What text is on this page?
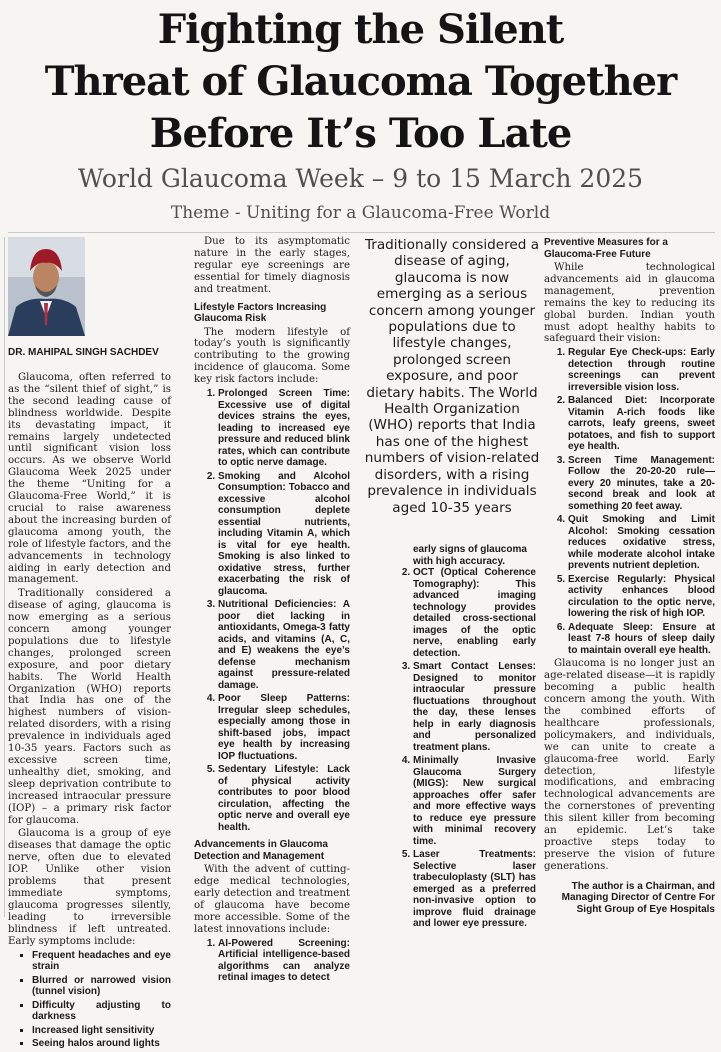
Fighting the Silent
Threat of Glaucoma Together
Before It’s Too Late
World Glaucoma Week – 9 to 15 March 2025
Theme - Uniting for a Glaucoma-Free World
DR. MAHIPAL SINGH SACHDEV

Glaucoma, often referred to as the “silent thief of sight,” is the second leading cause of blindness worldwide. Despite its devastating impact, it remains largely undetected until significant vision loss occurs. As we observe World Glaucoma Week 2025 under the theme “Uniting for a Glaucoma-Free World,” it is crucial to raise awareness about the increasing burden of glaucoma among youth, the role of lifestyle factors, and the advancements in technology aiding in early detection and management.

Traditionally considered a disease of aging, glaucoma is now emerging as a serious concern among younger populations due to lifestyle changes, prolonged screen exposure, and poor dietary habits. The World Health Organization (WHO) reports that India has one of the highest numbers of vision-related disorders, with a rising prevalence in individuals aged 10-35 years. Factors such as excessive screen time, unhealthy diet, smoking, and sleep deprivation contribute to increased intraocular pressure (IOP) – a primary risk factor for glaucoma.

Glaucoma is a group of eye diseases that damage the optic nerve, often due to elevated IOP. Unlike other vision problems that present immediate symptoms, glaucoma progresses silently, leading to irreversible blindness if left untreated. Early symptoms include:

▪ Frequent headaches and eye strain
▪ Blurred or narrowed vision (tunnel vision)
▪ Difficulty adjusting to darkness
▪ Increased light sensitivity
▪ Seeing halos around lights

Due to its asymptomatic nature in the early stages, regular eye screenings are essential for timely diagnosis and treatment.

Lifestyle Factors Increasing Glaucoma Risk

The modern lifestyle of today’s youth is significantly contributing to the growing incidence of glaucoma. Some key risk factors include:

1. Prolonged Screen Time: Excessive use of digital devices strains the eyes, leading to increased eye pressure and reduced blink rates, which can contribute to optic nerve damage.
2. Smoking and Alcohol Consumption: Tobacco and excessive alcohol consumption deplete essential nutrients, including Vitamin A, which is vital for eye health. Smoking is also linked to oxidative stress, further exacerbating the risk of glaucoma.
3. Nutritional Deficiencies: A poor diet lacking in antioxidants, Omega-3 fatty acids, and vitamins (A, C, and E) weakens the eye’s defense mechanism against pressure-related damage.
4. Poor Sleep Patterns: Irregular sleep schedules, especially among those in shift-based jobs, impact eye health by increasing IOP fluctuations.
5. Sedentary Lifestyle: Lack of physical activity contributes to poor blood circulation, affecting the optic nerve and overall eye health.
Advancements in Glaucoma Detection and Management

With the advent of cutting-edge medical technologies, early detection and treatment of glaucoma have become more accessible. Some of the latest innovations include:

1. AI-Powered Screening: Artificial intelligence-based algorithms can analyze retinal images to detect
Traditionally considered a disease of aging, glaucoma is now emerging as a serious concern among younger populations due to lifestyle changes, prolonged screen exposure, and poor dietary habits. The World Health Organization (WHO) reports that India has one of the highest numbers of vision-related disorders, with a rising prevalence in individuals aged 10-35 years
early signs of glaucoma with high accuracy.
2. OCT (Optical Coherence Tomography): This advanced imaging technology provides detailed cross-sectional images of the optic nerve, enabling early detection.
3. Smart Contact Lenses: Designed to monitor intraocular pressure fluctuations throughout the day, these lenses help in early diagnosis and personalized treatment plans.
4. Minimally Invasive Glaucoma Surgery (MIGS): New surgical approaches offer safer and more effective ways to reduce eye pressure with minimal recovery time.
5. Laser Treatments: Selective laser trabeculoplasty (SLT) has emerged as a preferred non-invasive option to improve fluid drainage and lower eye pressure.
Preventive Measures for a Glaucoma-Free Future

While technological advancements aid in glaucoma management, prevention remains the key to reducing its global burden. Indian youth must adopt healthy habits to safeguard their vision:

1. Regular Eye Check-ups: Early detection through routine screenings can prevent irreversible vision loss.
2. Balanced Diet: Incorporate Vitamin A-rich foods like carrots, leafy greens, sweet potatoes, and fish to support eye health.
3. Screen Time Management: Follow the 20-20-20 rule—every 20 minutes, take a 20-second break and look at something 20 feet away.
4. Quit Smoking and Limit Alcohol: Smoking cessation reduces oxidative stress, while moderate alcohol intake prevents nutrient depletion.
5. Exercise Regularly: Physical activity enhances blood circulation to the optic nerve, lowering the risk of high IOP.
6. Adequate Sleep: Ensure at least 7-8 hours of sleep daily to maintain overall eye health.

Glaucoma is no longer just an age-related disease—it is rapidly becoming a public health concern among the youth. With the combined efforts of healthcare professionals, policymakers, and individuals, we can unite to create a glaucoma-free world. Early detection, lifestyle modifications, and embracing technological advancements are the cornerstones of preventing this silent killer from becoming an epidemic. Let’s take proactive steps today to preserve the vision of future generations.

The author is a Chairman, and Managing Director of Centre For Sight Group of Eye Hospitals
